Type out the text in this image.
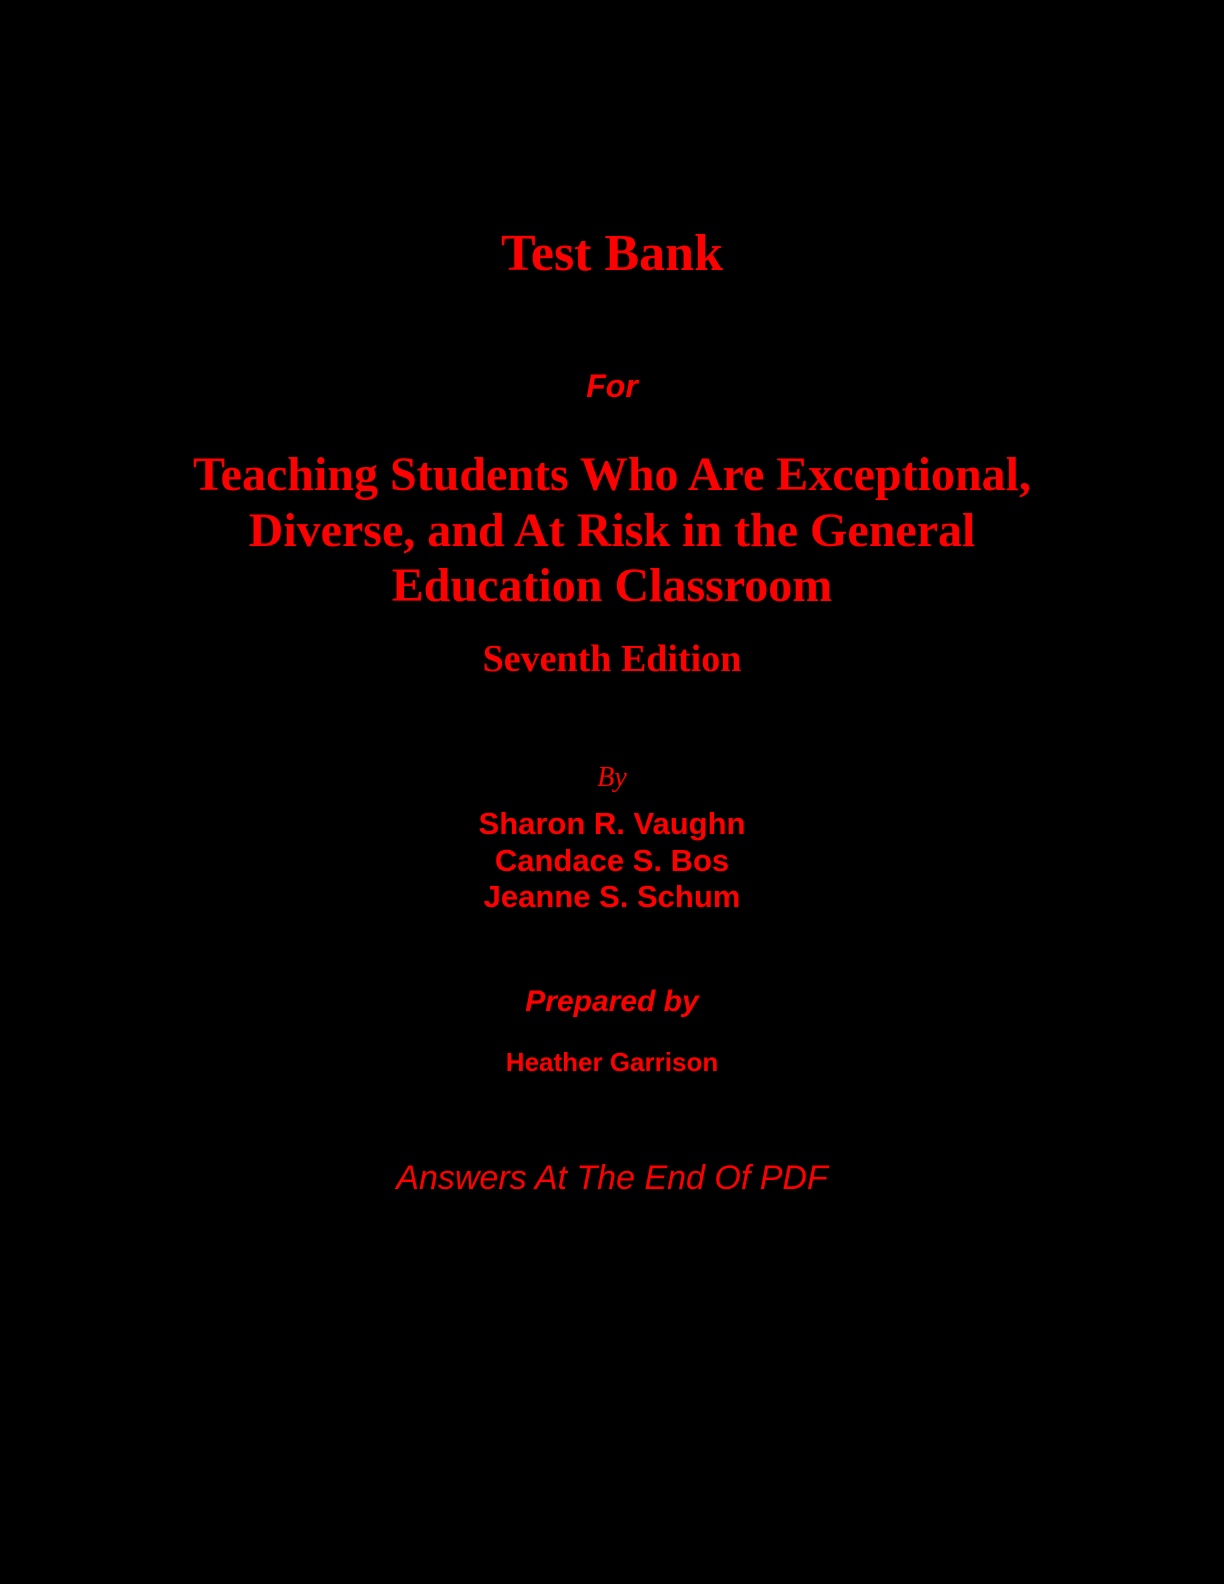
Test Bank

For

Teaching Students Who Are Exceptional,

Diverse, and At Risk in the General

Education Classroom

Seventh Edition

By

Sharon R. Vaughn

Candace S. Bos

Jeanne S. Schum

Prepared by

Heather Garrison

Answers At The End Of PDF
